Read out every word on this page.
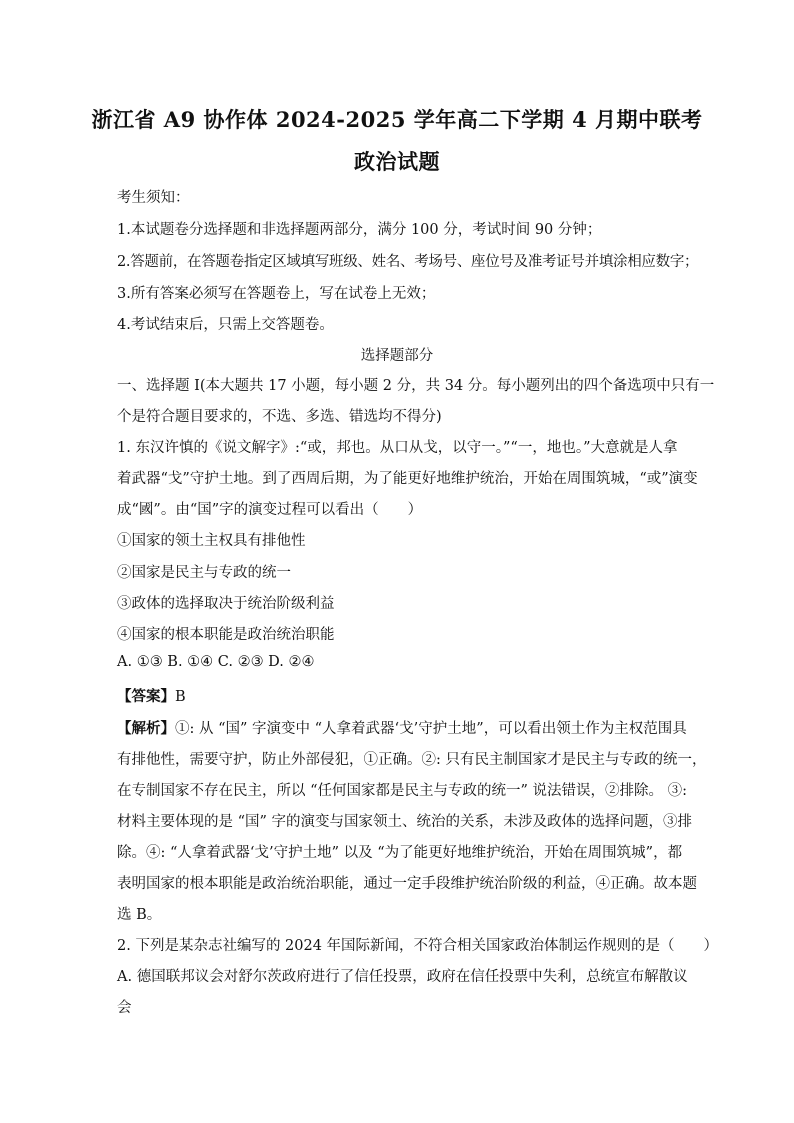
浙江省 A9 协作体 2024-2025 学年高二下学期 4 月期中联考
政治试题
考生须知：
1.本试题卷分选择题和非选择题两部分，满分 100 分，考试时间 90 分钟；
2.答题前，在答题卷指定区域填写班级、姓名、考场号、座位号及准考证号并填涂相应数字；
3.所有答案必须写在答题卷上，写在试卷上无效；
4.考试结束后，只需上交答题卷。
选择题部分
一、选择题 I(本大题共 17 小题，每小题 2 分，共 34 分。每小题列出的四个备选项中只有一
个是符合题目要求的，不选、多选、错选均不得分)
1. 东汉许慎的《说文解字》:“或，邦也。从口从戈，以守一。”“一，地也。”大意就是人拿
着武器“戈”守护土地。到了西周后期，为了能更好地维护统治，开始在周围筑城，“或”演变
成“國”。由“国”字的演变过程可以看出（　　）
①国家的领土主权具有排他性
②国家是民主与专政的统一
③政体的选择取决于统治阶级利益
④国家的根本职能是政治统治职能
A. ①③ B. ①④ C. ②③ D. ②④
【答案】B
【解析】①: 从 “国” 字演变中 “人拿着武器‘戈’守护土地”，可以看出领土作为主权范围具
有排他性，需要守护，防止外部侵犯，①正确。②: 只有民主制国家才是民主与专政的统一，
在专制国家不存在民主，所以 “任何国家都是民主与专政的统一” 说法错误，②排除。 ③:
材料主要体现的是 “国” 字的演变与国家领土、统治的关系，未涉及政体的选择问题，③排
除。④: “人拿着武器‘戈’守护土地” 以及 “为了能更好地维护统治，开始在周围筑城”，都
表明国家的根本职能是政治统治职能，通过一定手段维护统治阶级的利益，④正确。故本题
选 B。
2. 下列是某杂志社编写的 2024 年国际新闻，不符合相关国家政治体制运作规则的是（　　）
A. 德国联邦议会对舒尔茨政府进行了信任投票，政府在信任投票中失利，总统宣布解散议
会
